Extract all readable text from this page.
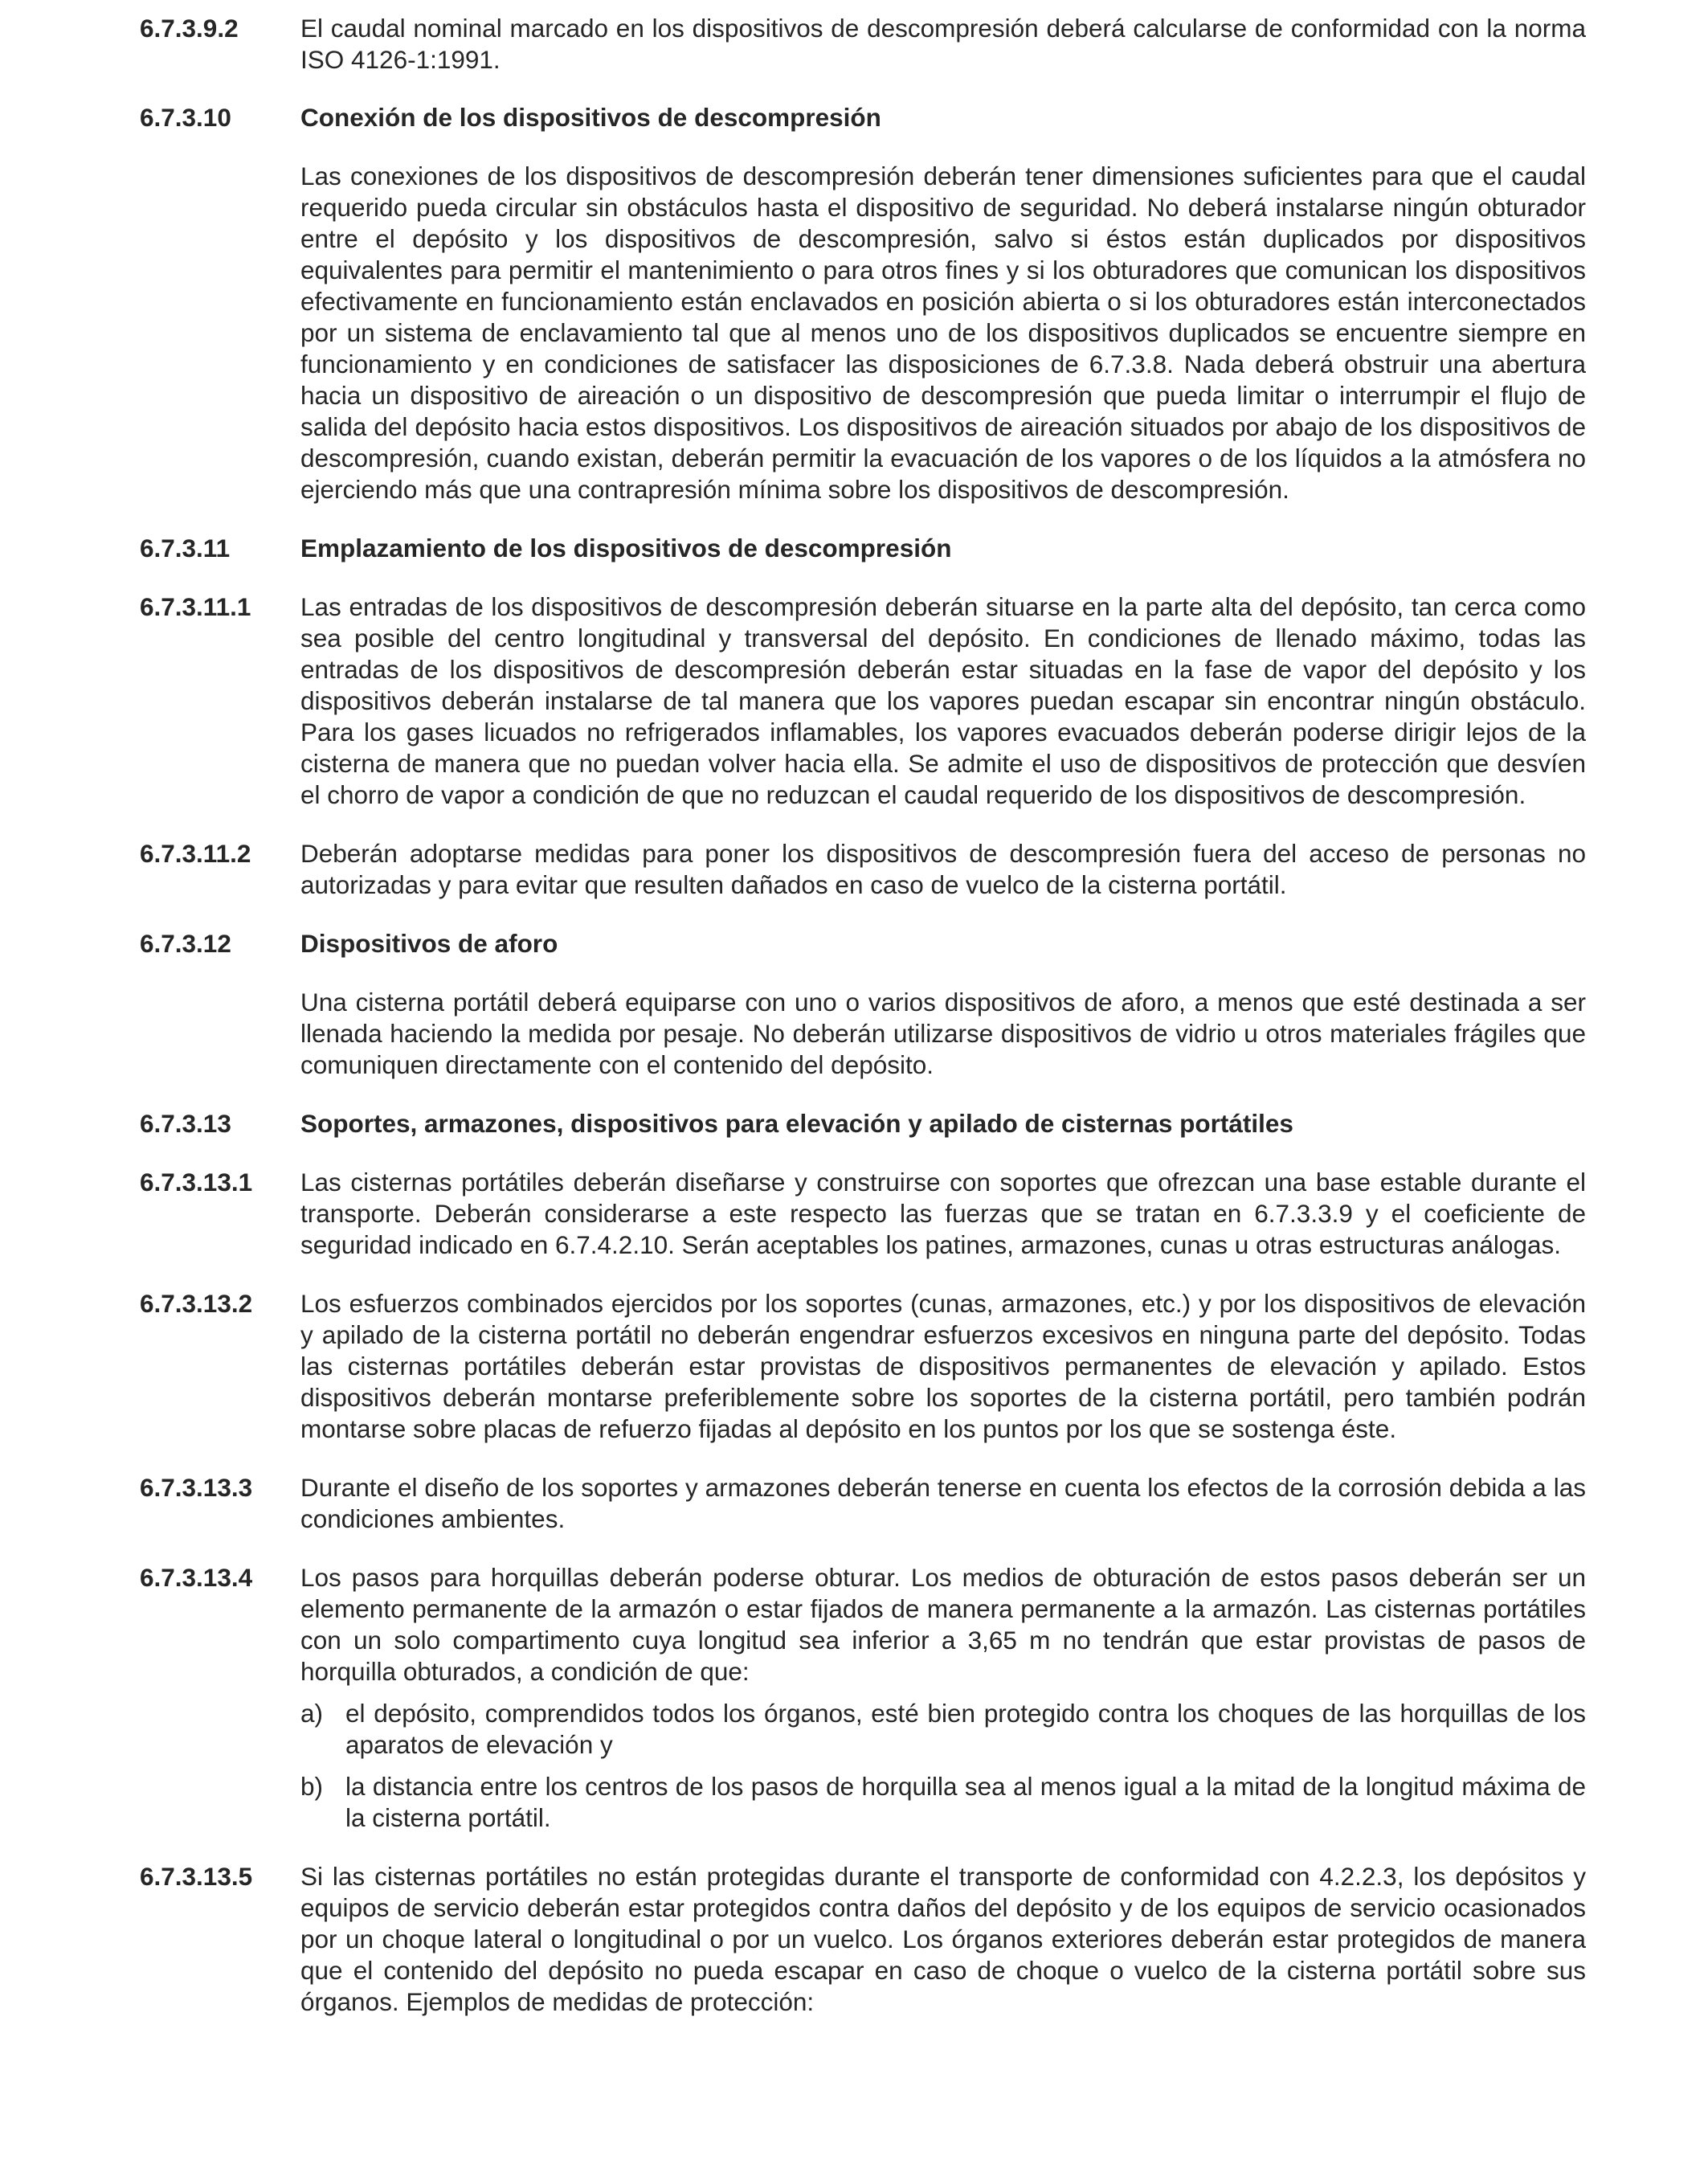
6.7.3.9.2	El caudal nominal marcado en los dispositivos de descompresión deberá calcularse de conformidad con la norma ISO 4126-1:1991.

6.7.3.10	Conexión de los dispositivos de descompresión

Las conexiones de los dispositivos de descompresión deberán tener dimensiones suficientes para que el caudal requerido pueda circular sin obstáculos hasta el dispositivo de seguridad. No deberá instalarse ningún obturador entre el depósito y los dispositivos de descompresión, salvo si éstos están duplicados por dispositivos equivalentes para permitir el mantenimiento o para otros fines y si los obturadores que comunican los dispositivos efectivamente en funcionamiento están enclavados en posición abierta o si los obturadores están interconectados por un sistema de enclavamiento tal que al menos uno de los dispositivos duplicados se encuentre siempre en funcionamiento y en condiciones de satisfacer las disposiciones de 6.7.3.8. Nada deberá obstruir una abertura hacia un dispositivo de aireación o un dispositivo de descompresión que pueda limitar o interrumpir el flujo de salida del depósito hacia estos dispositivos. Los dispositivos de aireación situados por abajo de los dispositivos de descompresión, cuando existan, deberán permitir la evacuación de los vapores o de los líquidos a la atmósfera no ejerciendo más que una contrapresión mínima sobre los dispositivos de descompresión.

6.7.3.11	Emplazamiento de los dispositivos de descompresión

6.7.3.11.1	Las entradas de los dispositivos de descompresión deberán situarse en la parte alta del depósito, tan cerca como sea posible del centro longitudinal y transversal del depósito. En condiciones de llenado máximo, todas las entradas de los dispositivos de descompresión deberán estar situadas en la fase de vapor del depósito y los dispositivos deberán instalarse de tal manera que los vapores puedan escapar sin encontrar ningún obstáculo. Para los gases licuados no refrigerados inflamables, los vapores evacuados deberán poderse dirigir lejos de la cisterna de manera que no puedan volver hacia ella. Se admite el uso de dispositivos de protección que desvíen el chorro de vapor a condición de que no reduzcan el caudal requerido de los dispositivos de descompresión.

6.7.3.11.2	Deberán adoptarse medidas para poner los dispositivos de descompresión fuera del acceso de personas no autorizadas y para evitar que resulten dañados en caso de vuelco de la cisterna portátil.

6.7.3.12	Dispositivos de aforo

Una cisterna portátil deberá equiparse con uno o varios dispositivos de aforo, a menos que esté destinada a ser llenada haciendo la medida por pesaje. No deberán utilizarse dispositivos de vidrio u otros materiales frágiles que comuniquen directamente con el contenido del depósito.

6.7.3.13	Soportes, armazones, dispositivos para elevación y apilado de cisternas portátiles

6.7.3.13.1	Las cisternas portátiles deberán diseñarse y construirse con soportes que ofrezcan una base estable durante el transporte. Deberán considerarse a este respecto las fuerzas que se tratan en 6.7.3.3.9 y el coeficiente de seguridad indicado en 6.7.4.2.10. Serán aceptables los patines, armazones, cunas u otras estructuras análogas.

6.7.3.13.2	Los esfuerzos combinados ejercidos por los soportes (cunas, armazones, etc.) y por los dispositivos de elevación y apilado de la cisterna portátil no deberán engendrar esfuerzos excesivos en ninguna parte del depósito. Todas las cisternas portátiles deberán estar provistas de dispositivos permanentes de elevación y apilado. Estos dispositivos deberán montarse preferiblemente sobre los soportes de la cisterna portátil, pero también podrán montarse sobre placas de refuerzo fijadas al depósito en los puntos por los que se sostenga éste.

6.7.3.13.3	Durante el diseño de los soportes y armazones deberán tenerse en cuenta los efectos de la corrosión debida a las condiciones ambientes.

6.7.3.13.4	Los pasos para horquillas deberán poderse obturar. Los medios de obturación de estos pasos deberán ser un elemento permanente de la armazón o estar fijados de manera permanente a la armazón. Las cisternas portátiles con un solo compartimento cuya longitud sea inferior a 3,65 m no tendrán que estar provistas de pasos de horquilla obturados, a condición de que:

a) el depósito, comprendidos todos los órganos, esté bien protegido contra los choques de las horquillas de los aparatos de elevación y
b) la distancia entre los centros de los pasos de horquilla sea al menos igual a la mitad de la longitud máxima de la cisterna portátil.
6.7.3.13.5	Si las cisternas portátiles no están protegidas durante el transporte de conformidad con 4.2.2.3, los depósitos y equipos de servicio deberán estar protegidos contra daños del depósito y de los equipos de servicio ocasionados por un choque lateral o longitudinal o por un vuelco. Los órganos exteriores deberán estar protegidos de manera que el contenido del depósito no pueda escapar en caso de choque o vuelco de la cisterna portátil sobre sus órganos. Ejemplos de medidas de protección:
